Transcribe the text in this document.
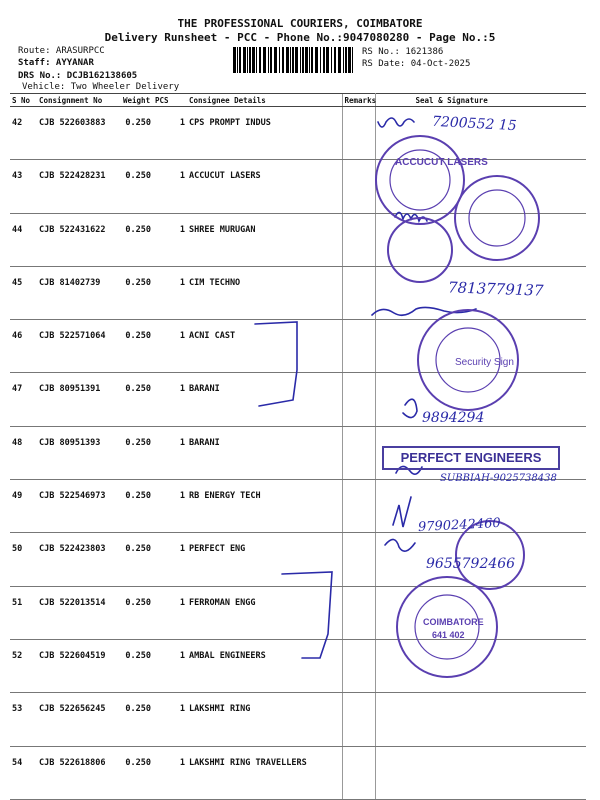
THE PROFESSIONAL COURIERS, COIMBATORE
Delivery Runsheet - PCC - Phone No.:9047080280 - Page No.:5
Route: ARASURPCC
Staff: AYYANAR
DRS No.: DCJB162138605
Vehicle: Two Wheeler Delivery
RS No.: 1621386
RS Date: 04-Oct-2025
S No	Consignment No	Weight	PCS	Consignee Details	Remarks	Seal & Signature
42	CJB 522603883	0.250	1	CPS PROMPT INDUS		
43	CJB 522428231	0.250	1	ACCUCUT LASERS		
44	CJB 522431622	0.250	1	SHREE MURUGAN		
45	CJB 81402739	0.250	1	CIM TECHNO		
46	CJB 522571064	0.250	1	ACNI CAST		
47	CJB 80951391	0.250	1	BARANI		
48	CJB 80951393	0.250	1	BARANI		
49	CJB 522546973	0.250	1	RB ENERGY TECH		
50	CJB 522423803	0.250	1	PERFECT ENG		
51	CJB 522013514	0.250	1	FERROMAN ENGG		
52	CJB 522604519	0.250	1	AMBAL ENGINEERS		
53	CJB 522656245	0.250	1	LAKSHMI RING		
54	CJB 522618806	0.250	1	LAKSHMI RING TRAVELLERS		
ACCUCUT LASERS
Security Sign
COIMBATORE
641 402
7200552 15
7813779137
9894294
PERFECT ENGINEERS
SUBBIAH-9025738438
9790242460
9655792466
